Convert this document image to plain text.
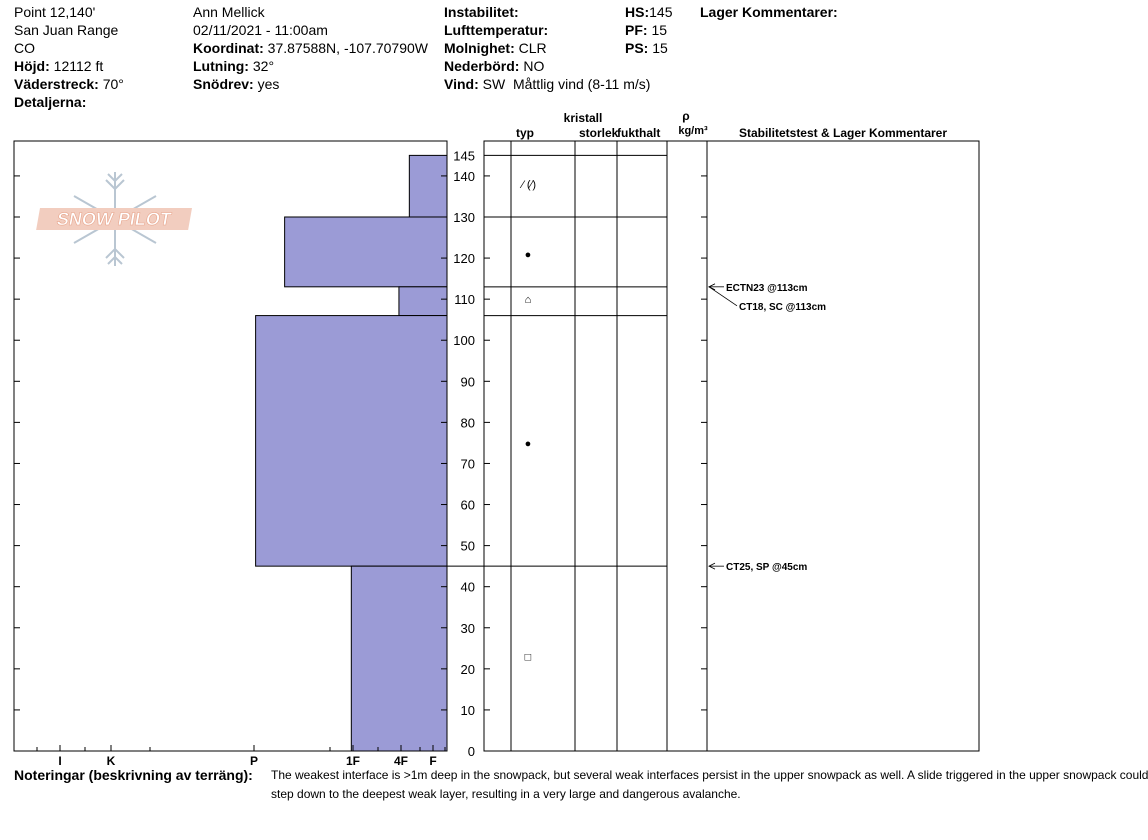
Point 12,140'
San Juan Range
CO
Höjd: 12112 ft
Väderstreck: 70°
Detaljerna:
Ann Mellick
02/11/2021 - 11:00am
Koordinat: 37.87588N, -107.70790W
Lutning: 32°
Snödrev: yes
Instabilitet:
Lufttemperatur:
Molnighet: CLR
Nederbörd: NO
Vind: SW  Måttlig vind (8-11 m/s)
HS:145
PF: 15
PS: 15
Lager Kommentarer:
kristall
typ	storlek
fukthalt
ρ
kg/m³	Stabilitetstest & Lager Kommentarer
SNOW PILOT
0
10
20
30
40
50
60
70
80
90
100
110
120
130
140
145
I	K	P	1F	4F F
⁄ (⁄)
●
⌂
●
□
ECTN23 @113cm
CT18, SC @113cm
CT25, SP @45cm
Noteringar (beskrivning av terräng): The weakest interface is >1m deep in the snowpack, but several weak interfaces persist in the upper snowpack as well. A slide triggered in the upper snowpack could
step down to the deepest weak layer, resulting in a very large and dangerous avalanche.
